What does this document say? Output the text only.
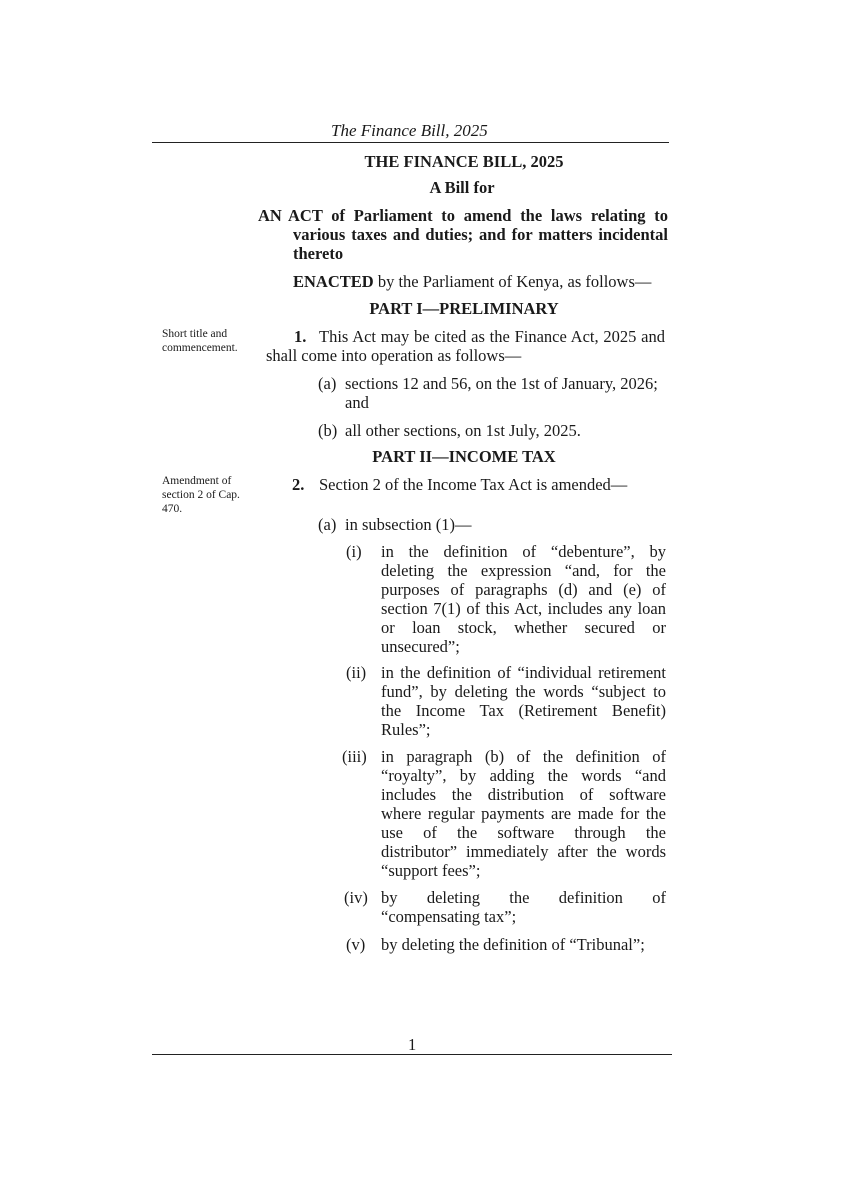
The Finance Bill, 2025
THE FINANCE BILL, 2025
A Bill for
AN ACT of Parliament to amend the laws relating to
various taxes and duties; and for matters incidental
thereto
ENACTED by the Parliament of Kenya, as follows—
PART I—PRELIMINARY
Short title and
commencement.
1. This Act may be cited as the Finance Act, 2025 and
shall come into operation as follows—
(a) sections 12 and 56, on the 1st of January, 2026;
and
(b) all other sections, on 1st July, 2025.
PART II—INCOME TAX
Amendment of
section 2 of Cap.
470.
2. Section 2 of the Income Tax Act is amended—
(a) in subsection (1)—
(i) in the definition of “debenture”, by
deleting the expression “and, for the
purposes of paragraphs (d) and (e) of
section 7(1) of this Act, includes any loan
or loan stock, whether secured or
unsecured”;
(ii) in the definition of “individual retirement
fund”, by deleting the words “subject to
the Income Tax (Retirement Benefit)
Rules”;
(iii) in paragraph (b) of the definition of
“royalty”, by adding the words “and
includes the distribution of software
where regular payments are made for the
use of the software through the
distributor” immediately after the words
“support fees”;
(iv) by deleting the definition of
“compensating tax”;
(v) by deleting the definition of “Tribunal”;
1
